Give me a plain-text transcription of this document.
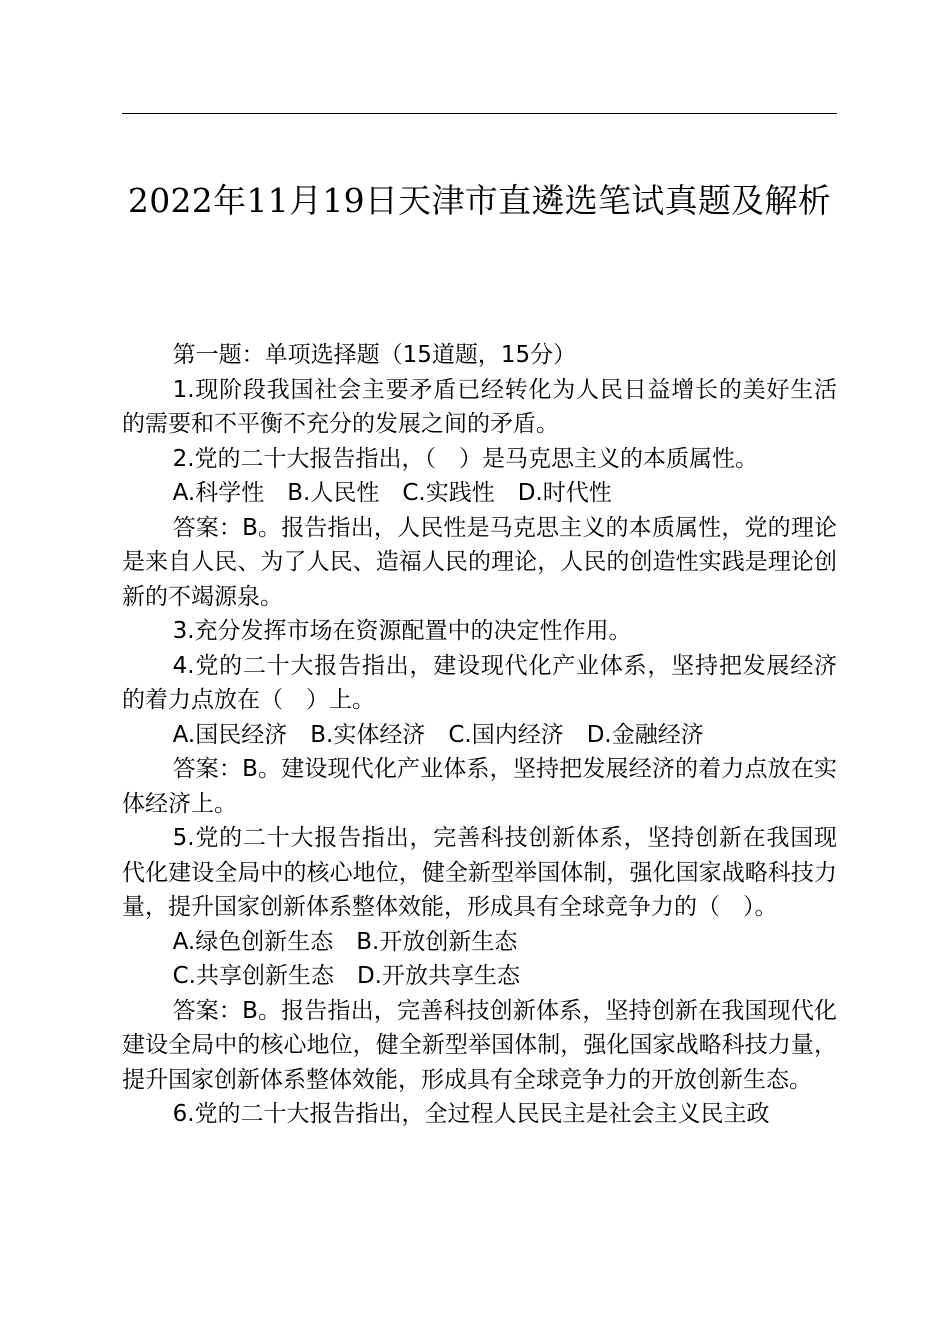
2022年11月19日天津市直遴选笔试真题及解析

第一题：单项选择题（15道题，15分）

1.现阶段我国社会主要矛盾已经转化为人民日益增长的美好生活的需要和不平衡不充分的发展之间的矛盾。

2.党的二十大报告指出，（　）是马克思主义的本质属性。

A.科学性　B.人民性　C.实践性　D.时代性

答案：B。报告指出，人民性是马克思主义的本质属性，党的理论是来自人民、为了人民、造福人民的理论，人民的创造性实践是理论创新的不竭源泉。

3.充分发挥市场在资源配置中的决定性作用。

4.党的二十大报告指出，建设现代化产业体系，坚持把发展经济的着力点放在（　）上。

A.国民经济　B.实体经济　C.国内经济　D.金融经济

答案：B。建设现代化产业体系，坚持把发展经济的着力点放在实体经济上。

5.党的二十大报告指出，完善科技创新体系，坚持创新在我国现代化建设全局中的核心地位，健全新型举国体制，强化国家战略科技力量，提升国家创新体系整体效能，形成具有全球竞争力的（　）。

A.绿色创新生态　B.开放创新生态

C.共享创新生态　D.开放共享生态

答案：B。报告指出，完善科技创新体系，坚持创新在我国现代化建设全局中的核心地位，健全新型举国体制，强化国家战略科技力量，提升国家创新体系整体效能，形成具有全球竞争力的开放创新生态。

6.党的二十大报告指出，全过程人民民主是社会主义民主政
